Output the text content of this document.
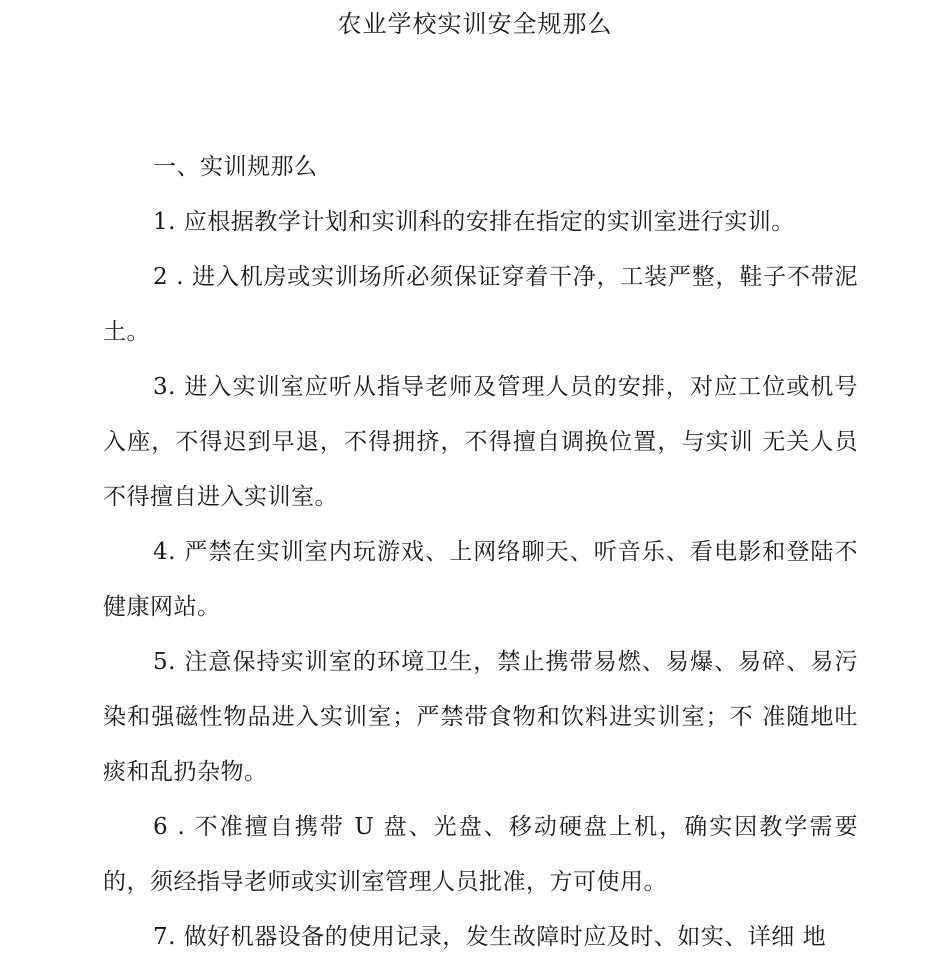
农业学校实训安全规那么

一、实训规那么

1. 应根据教学计划和实训科的安排在指定的实训室进行实训。

2 . 进入机房或实训场所必须保证穿着干净，工装严整，鞋子不带泥土。

3. 进入实训室应听从指导老师及管理人员的安排，对应工位或机号入座，不得迟到早退，不得拥挤，不得擅自调换位置，与实训 无关人员不得擅自进入实训室。

4. 严禁在实训室内玩游戏、上网络聊天、听音乐、看电影和登陆不健康网站。

5. 注意保持实训室的环境卫生，禁止携带易燃、易爆、易碎、易污染和强磁性物品进入实训室；严禁带食物和饮料进实训室；不 准随地吐痰和乱扔杂物。

6 . 不准擅自携带 U 盘、光盘、移动硬盘上机，确实因教学需要的，须经指导老师或实训室管理人员批准，方可使用。

7. 做好机器设备的使用记录，发生故障时应及时、如实、详细 地
